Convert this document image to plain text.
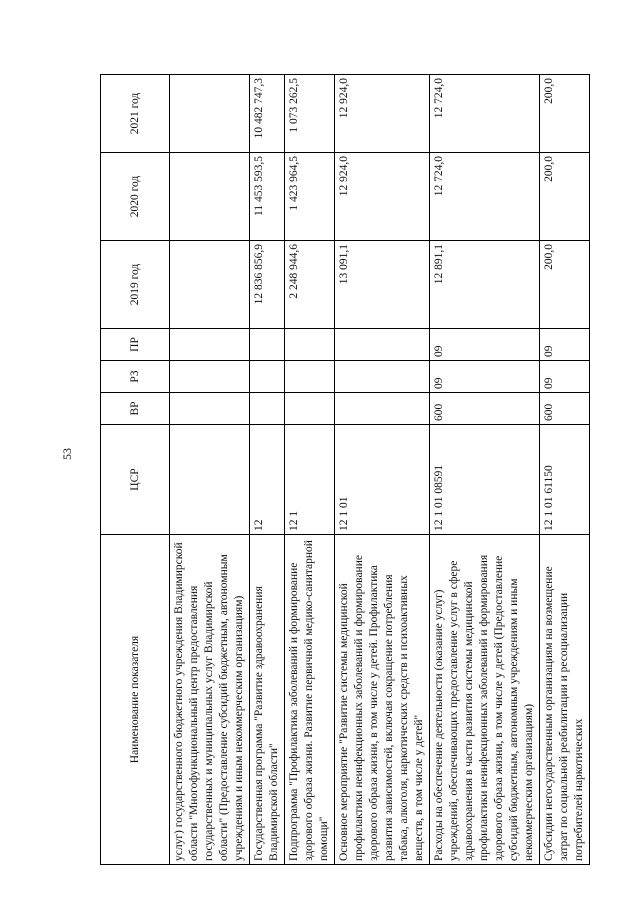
53
Наименование показателя	ЦСР	ВР	РЗ	ПР	2019 год	2020 год	2021 год
услуг) государственного бюджетного учреждения Владимирской области "Многофункциональный центр предоставления государственных и муниципальных услуг Владимирской области" (Предоставление субсидий бюджетным, автономным учреждениям и иным некоммерческим организациям)							
Государственная программа "Развитие здравоохранения Владимирской области"	12				12 836 856,9	11 453 593,5	10 482 747,3
Подпрограмма "Профилактика заболеваний и формирование здорового образа жизни. Развитие первичной медико-санитарной помощи"	12 1				2 248 944,6	1 423 964,5	1 073 262,5
Основное мероприятие "Развитие системы медицинской профилактики неинфекционных заболеваний и формирование здорового образа жизни, в том числе у детей. Профилактика развития зависимостей, включая сокращение потребления табака, алкоголя, наркотических средств и психоактивных веществ, в том числе у детей"	12 1 01				13 091,1	12 924,0	12 924,0
Расходы на обеспечение деятельности (оказание услуг) учреждений, обеспечивающих предоставление услуг в сфере здравоохранения в части развития системы медицинской профилактики неинфекционных заболеваний и формирования здорового образа жизни, в том числе у детей (Предоставление субсидий бюджетным, автономным учреждениям и иным некоммерческим организациям)	12 1 01 08591	600	09	09	12 891,1	12 724,0	12 724,0
Субсидии негосударственным организациям на возмещение затрат по социальной реабилитации и ресоциализации потребителей наркотических	12 1 01 61150	600	09	09	200,0	200,0	200,0
